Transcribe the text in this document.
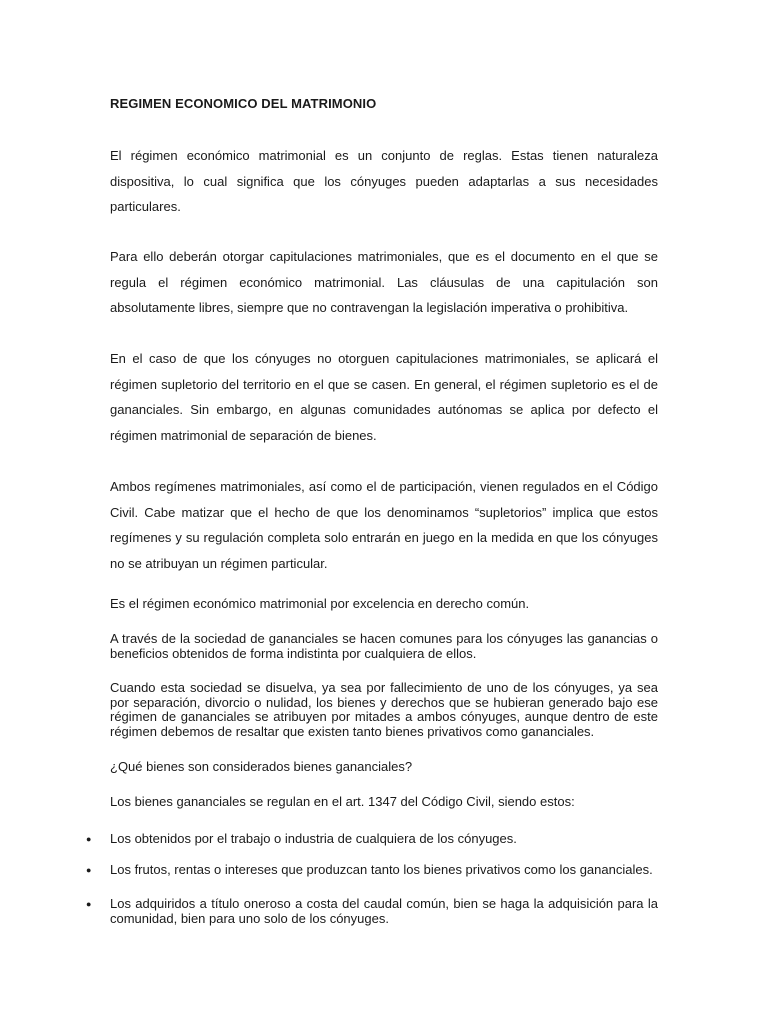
REGIMEN ECONOMICO DEL MATRIMONIO

El régimen económico matrimonial es un conjunto de reglas. Estas tienen naturaleza dispositiva, lo cual significa que los cónyuges pueden adaptarlas a sus necesidades particulares.

Para ello deberán otorgar capitulaciones matrimoniales, que es el documento en el que se regula el régimen económico matrimonial. Las cláusulas de una capitulación son absolutamente libres, siempre que no contravengan la legislación imperativa o prohibitiva.

En el caso de que los cónyuges no otorguen capitulaciones matrimoniales, se aplicará el régimen supletorio del territorio en el que se casen. En general, el régimen supletorio es el de gananciales. Sin embargo, en algunas comunidades autónomas se aplica por defecto el régimen matrimonial de separación de bienes.

Ambos regímenes matrimoniales, así como el de participación, vienen regulados en el Código Civil. Cabe matizar que el hecho de que los denominamos “supletorios” implica que estos regímenes y su regulación completa solo entrarán en juego en la medida en que los cónyuges no se atribuyan un régimen particular.

Es el régimen económico matrimonial por excelencia en derecho común.

A través de la sociedad de gananciales se hacen comunes para los cónyuges las ganancias o beneficios obtenidos de forma indistinta por cualquiera de ellos.

Cuando esta sociedad se disuelva, ya sea por fallecimiento de uno de los cónyuges, ya sea por separación, divorcio o nulidad, los bienes y derechos que se hubieran generado bajo ese régimen de gananciales se atribuyen por mitades a ambos cónyuges, aunque dentro de este régimen debemos de resaltar que existen tanto bienes privativos como gananciales.

¿Qué bienes son considerados bienes gananciales?

Los bienes gananciales se regulan en el art. 1347 del Código Civil, siendo estos:

● Los obtenidos por el trabajo o industria de cualquiera de los cónyuges.

● Los frutos, rentas o intereses que produzcan tanto los bienes privativos como los gananciales.

● Los adquiridos a título oneroso a costa del caudal común, bien se haga la adquisición para la comunidad, bien para uno solo de los cónyuges.
